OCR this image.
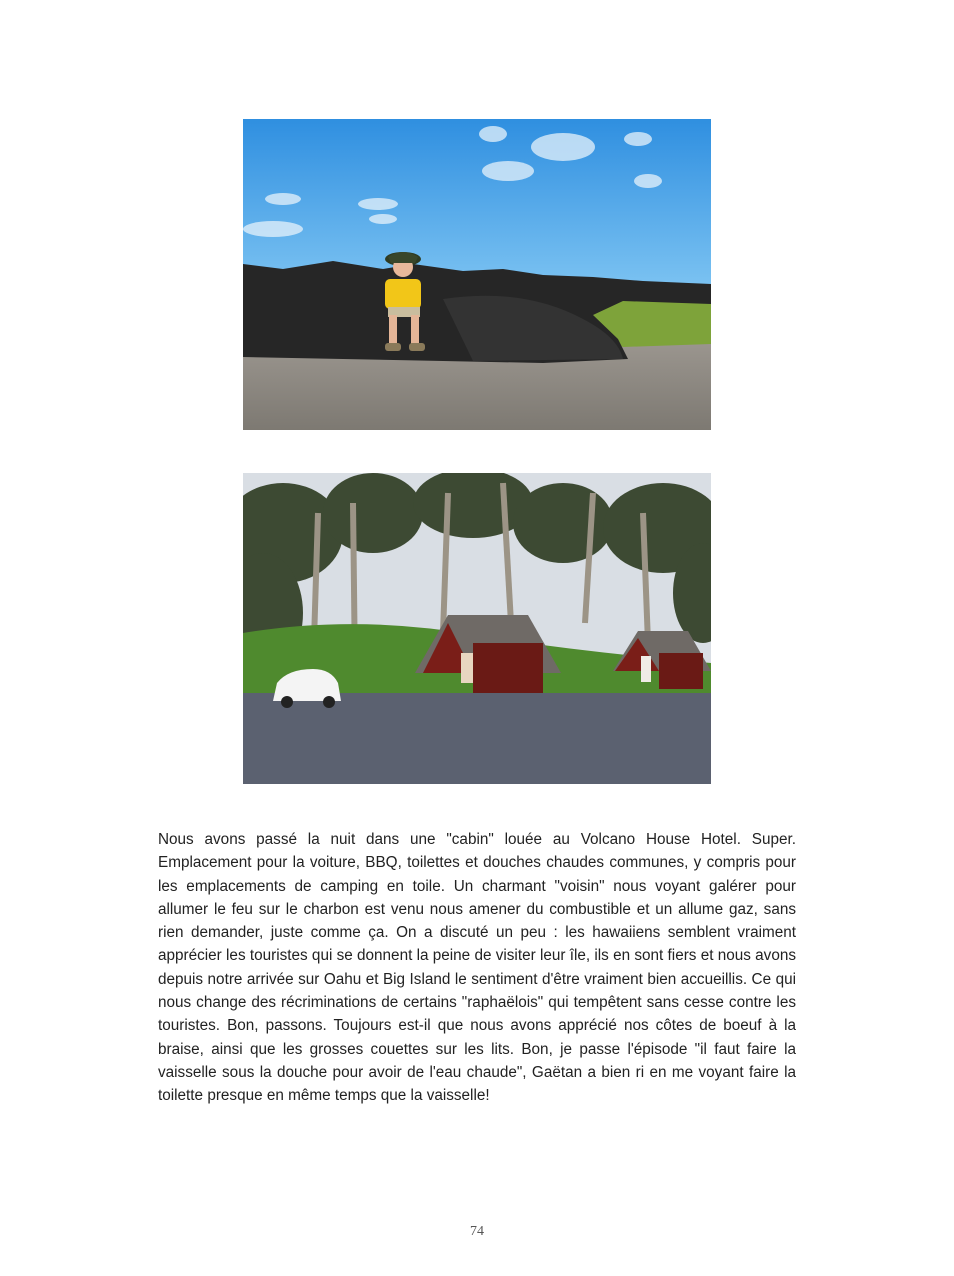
Nous avons passé la nuit dans une "cabin" louée au Volcano House Hotel. Super. Emplacement pour la voiture, BBQ, toilettes et douches chaudes communes, y compris pour les emplacements de camping en toile. Un charmant "voisin" nous voyant galérer pour allumer le feu sur le charbon est venu nous amener du combustible et un allume gaz, sans rien demander, juste comme ça. On a discuté un peu : les hawaiiens semblent vraiment apprécier les touristes qui se donnent la peine de visiter leur île, ils en sont fiers et nous avons depuis notre arrivée sur Oahu et Big Island le sentiment d'être vraiment bien accueillis. Ce qui nous change des récriminations de certains "raphaëlois" qui tempêtent sans cesse contre les touristes. Bon, passons. Toujours est-il que nous avons apprécié nos côtes de boeuf à la braise, ainsi que les grosses couettes sur les lits. Bon, je passe l'épisode "il faut faire la vaisselle sous la douche pour avoir de l'eau chaude", Gaëtan a bien ri en me voyant faire la toilette presque en même temps que la vaisselle!

74
